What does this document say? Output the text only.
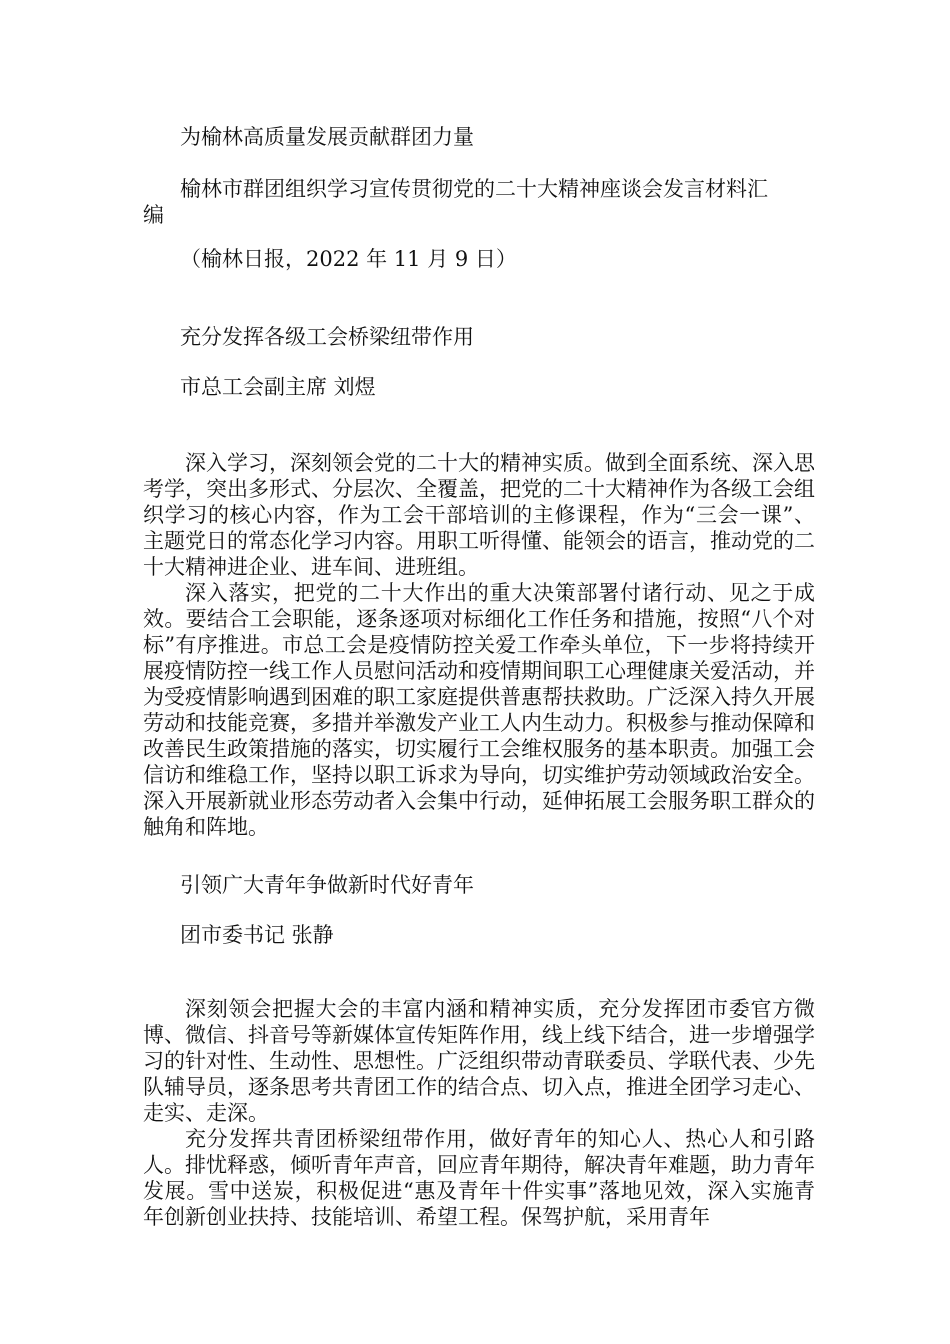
为榆林高质量发展贡献群团力量
榆林市群团组织学习宣传贯彻党的二十大精神座谈会发言材料汇
编
（榆林日报，2022 年 11 月 9 日）
充分发挥各级工会桥梁纽带作用
市总工会副主席 刘煜

深入学习，深刻领会党的二十大的精神实质。做到全面系统、深入思考学，突出多形式、分层次、全覆盖，把党的二十大精神作为各级工会组织学习的核心内容，作为工会干部培训的主修课程，作为“三会一课”、主题党日的常态化学习内容。用职工听得懂、能领会的语言，推动党的二十大精神进企业、进车间、进班组。

深入落实，把党的二十大作出的重大决策部署付诸行动、见之于成效。要结合工会职能，逐条逐项对标细化工作任务和措施，按照“八个对标”有序推进。市总工会是疫情防控关爱工作牵头单位，下一步将持续开展疫情防控一线工作人员慰问活动和疫情期间职工心理健康关爱活动，并为受疫情影响遇到困难的职工家庭提供普惠帮扶救助。广泛深入持久开展劳动和技能竞赛，多措并举激发产业工人内生动力。积极参与推动保障和改善民生政策措施的落实，切实履行工会维权服务的基本职责。加强工会信访和维稳工作，坚持以职工诉求为导向，切实维护劳动领域政治安全。深入开展新就业形态劳动者入会集中行动，延伸拓展工会服务职工群众的触角和阵地。

引领广大青年争做新时代好青年
团市委书记 张静

深刻领会把握大会的丰富内涵和精神实质，充分发挥团市委官方微博、微信、抖音号等新媒体宣传矩阵作用，线上线下结合，进一步增强学习的针对性、生动性、思想性。广泛组织带动青联委员、学联代表、少先队辅导员，逐条思考共青团工作的结合点、切入点，推进全团学习走心、走实、走深。

充分发挥共青团桥梁纽带作用，做好青年的知心人、热心人和引路人。排忧释惑，倾听青年声音，回应青年期待，解决青年难题，助力青年发展。雪中送炭，积极促进“惠及青年十件实事”落地见效，深入实施青年创新创业扶持、技能培训、希望工程。保驾护航，采用青年
